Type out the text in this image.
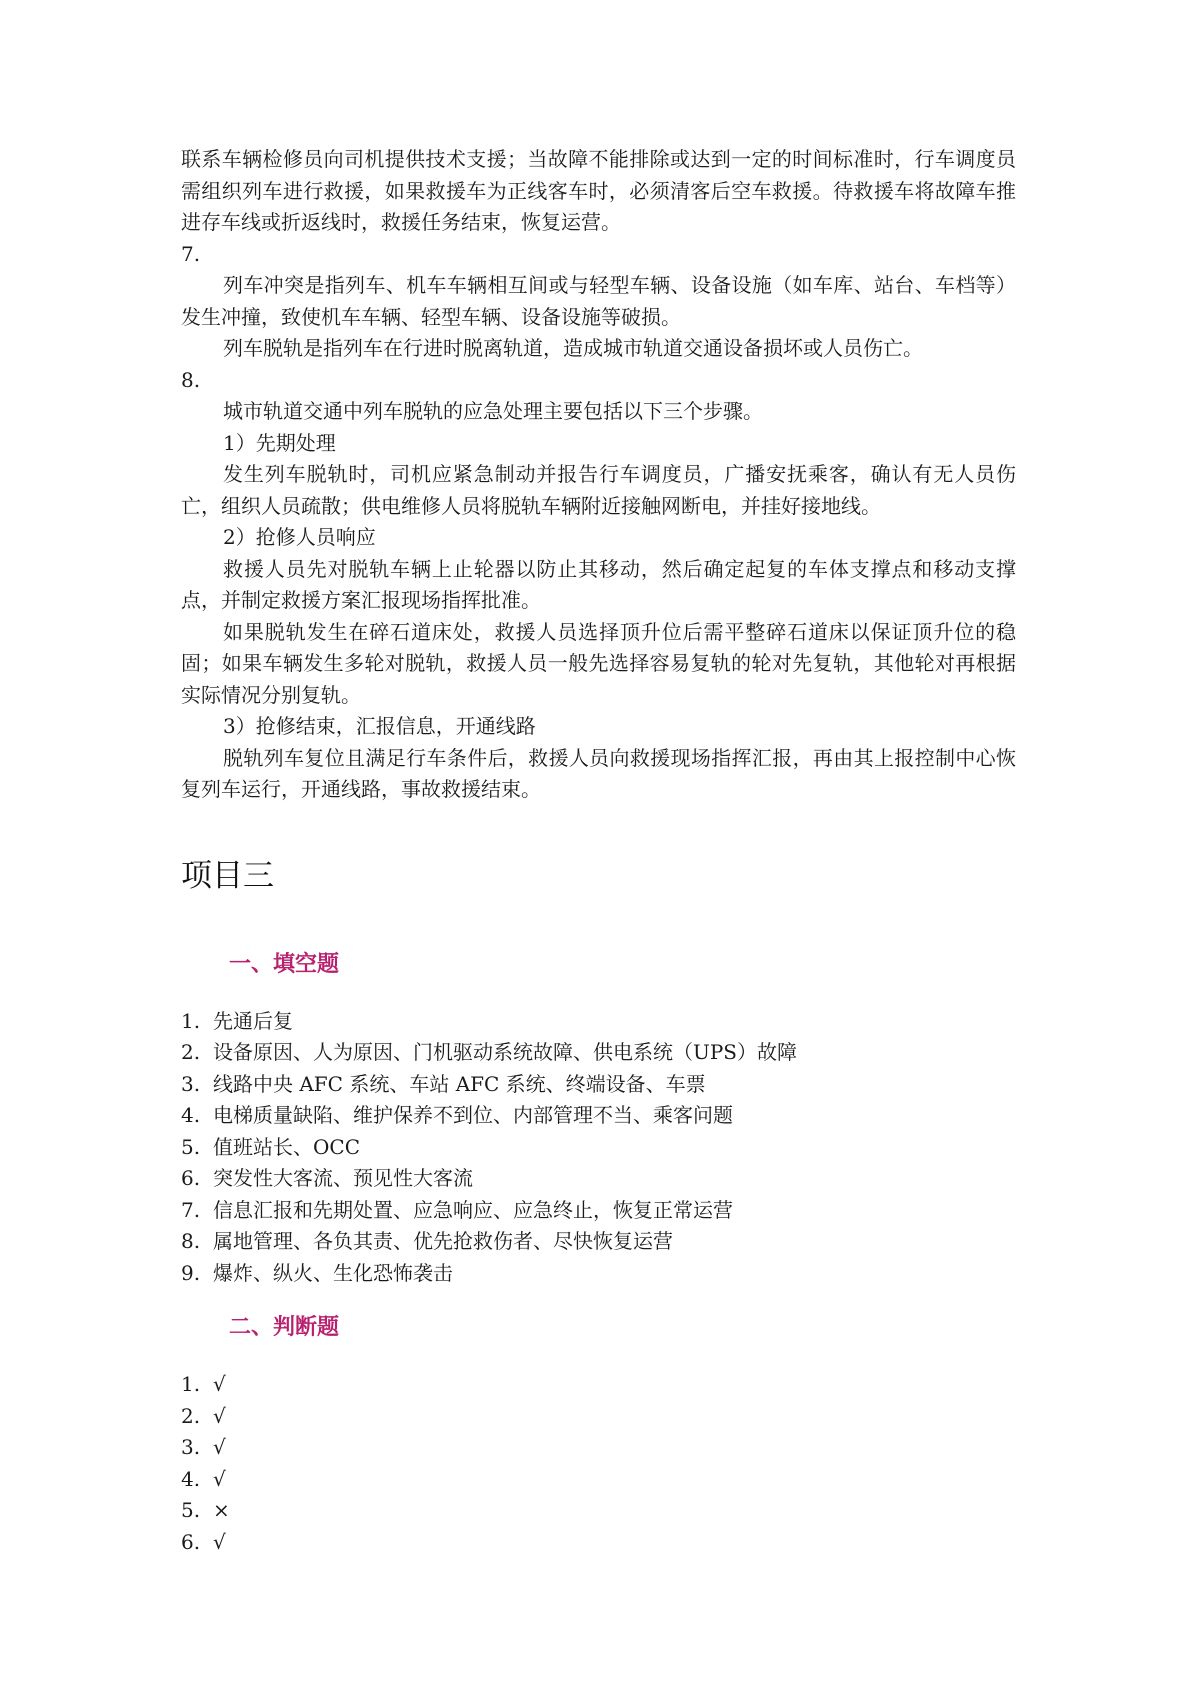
联系车辆检修员向司机提供技术支援；当故障不能排除或达到一定的时间标准时，行车调度员需组织列车进行救援，如果救援车为正线客车时，必须清客后空车救援。待救援车将故障车推进存车线或折返线时，救援任务结束，恢复运营。

7.

列车冲突是指列车、机车车辆相互间或与轻型车辆、设备设施（如车库、站台、车档等）发生冲撞，致使机车车辆、轻型车辆、设备设施等破损。

列车脱轨是指列车在行进时脱离轨道，造成城市轨道交通设备损坏或人员伤亡。

8.

城市轨道交通中列车脱轨的应急处理主要包括以下三个步骤。

1）先期处理

发生列车脱轨时，司机应紧急制动并报告行车调度员，广播安抚乘客，确认有无人员伤亡，组织人员疏散；供电维修人员将脱轨车辆附近接触网断电，并挂好接地线。

2）抢修人员响应

救援人员先对脱轨车辆上止轮器以防止其移动，然后确定起复的车体支撑点和移动支撑点，并制定救援方案汇报现场指挥批准。

如果脱轨发生在碎石道床处，救援人员选择顶升位后需平整碎石道床以保证顶升位的稳固；如果车辆发生多轮对脱轨，救援人员一般先选择容易复轨的轮对先复轨，其他轮对再根据实际情况分别复轨。

3）抢修结束，汇报信息，开通线路

脱轨列车复位且满足行车条件后，救援人员向救援现场指挥汇报，再由其上报控制中心恢复列车运行，开通线路，事故救援结束。

项目三
一、填空题
1. 先通后复
2. 设备原因、人为原因、门机驱动系统故障、供电系统（UPS）故障
3. 线路中央 AFC 系统、车站 AFC 系统、终端设备、车票
4. 电梯质量缺陷、维护保养不到位、内部管理不当、乘客问题
5. 值班站长、OCC
6. 突发性大客流、预见性大客流
7. 信息汇报和先期处置、应急响应、应急终止，恢复正常运营
8. 属地管理、各负其责、优先抢救伤者、尽快恢复运营
9. 爆炸、纵火、生化恐怖袭击
二、判断题
1. √
2. √
3. √
4. √
5. ×
6. √
